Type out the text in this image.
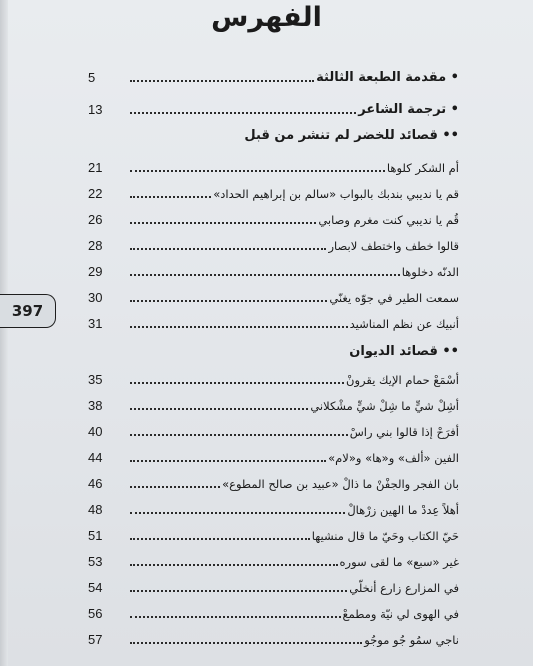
الفهرس
397
5	• مقدمة الطبعة الثالثة
13	• ترجمة الشاعر
•• قصائد للخضر لم تنشر من قبل
21	أم الشكر كلوها
22	قم يا نديبي بندبك بالبواب «سالم بن إبراهيم الحداد»
26	قُم يا نديبي كنت مغرم وصابي
28	قالوا خطف واختطف لابصار
29	الدنّه دخلوها
30	سمعت الطير في جوّه يغنّي
31	أنبيك عن نظم المناشيد
•• قصائد الديوان
35	أسْمَعْ حمام الإيك يقرونْ
38	أشِلْ شيٍّ ما شِلْ شيٍّ مشْكلاني
40	أفرَحْ إذا قالوا بني راسْ
44	الفين «ألف» و«ها» و«لام»
46	بان الفجر والجفْنْ ما ذالْ «عبيد بن صالح المطوع»
48	أهلاً عِددْ ما الهين زرْهالْ
51	حَيّ الكتاب وحَيّ ما قال منشيها
53	غير «سبع» ما لقى سوره
54	في المزارع زارع أنخلّي
56	في الهوى لي نيّة ومطمعْ
57	ناجي سمُو جُو موجُو
